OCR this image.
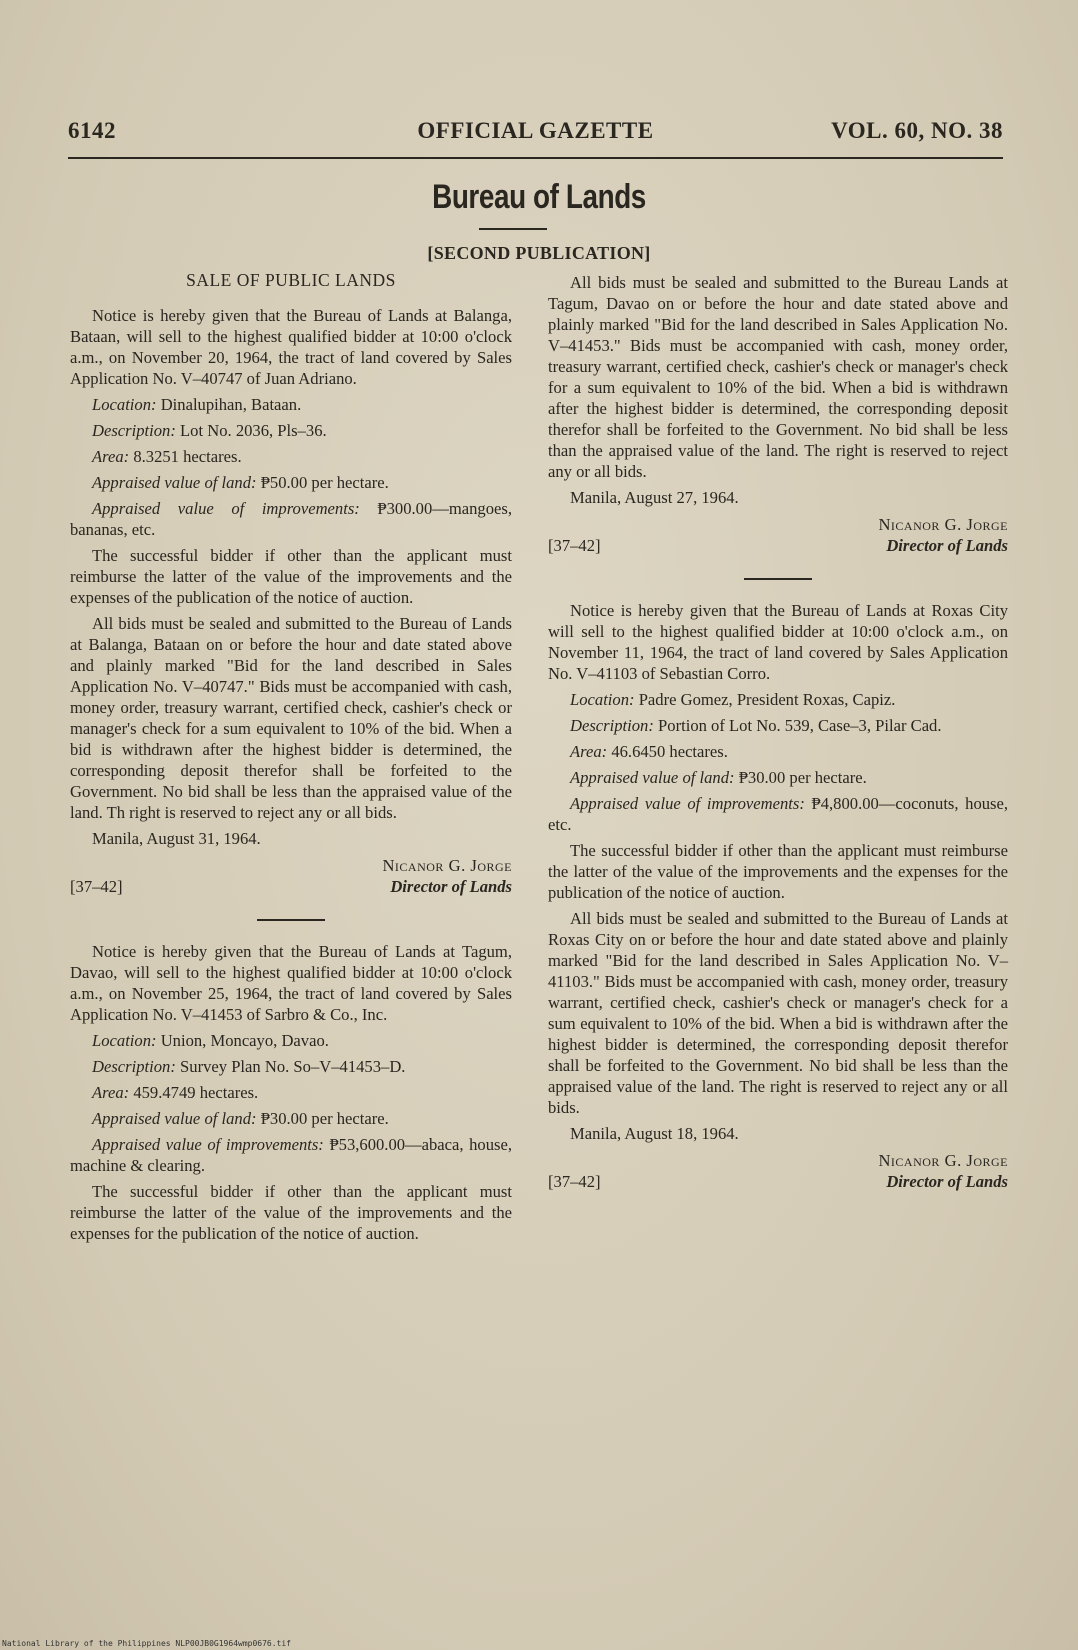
6142	OFFICIAL GAZETTE	VOL. 60, NO. 38
Bureau of Lands
[SECOND PUBLICATION]

SALE OF PUBLIC LANDS

Notice is hereby given that the Bureau of Lands at Balanga, Bataan, will sell to the highest qualified bidder at 10:00 o'clock a.m., on November 20, 1964, the tract of land covered by Sales Application No. V–40747 of Juan Adriano.

Location: Dinalupihan, Bataan.

Description: Lot No. 2036, Pls–36.

Area: 8.3251 hectares.

Appraised value of land: ₱50.00 per hectare.

Appraised value of improvements: ₱300.00—mangoes, bananas, etc.

The successful bidder if other than the applicant must reimburse the latter of the value of the improvements and the expenses of the publication of the notice of auction.

All bids must be sealed and submitted to the Bureau of Lands at Balanga, Bataan on or before the hour and date stated above and plainly marked "Bid for the land described in Sales Application No. V–40747." Bids must be accompanied with cash, money order, treasury warrant, certified check, cashier's check or manager's check for a sum equivalent to 10% of the bid. When a bid is withdrawn after the highest bidder is determined, the corresponding deposit therefor shall be forfeited to the Government. No bid shall be less than the appraised value of the land. Th right is reserved to reject any or all bids.

Manila, August 31, 1964.

[37–42]
Nicanor G. Jorge
Director of Lands

Notice is hereby given that the Bureau of Lands at Tagum, Davao, will sell to the highest qualified bidder at 10:00 o'clock a.m., on November 25, 1964, the tract of land covered by Sales Application No. V–41453 of Sarbro & Co., Inc.

Location: Union, Moncayo, Davao.

Description: Survey Plan No. So–V–41453–D.

Area: 459.4749 hectares.

Appraised value of land: ₱30.00 per hectare.

Appraised value of improvements: ₱53,600.00—abaca, house, machine & clearing.

The successful bidder if other than the applicant must reimburse the latter of the value of the improvements and the expenses for the publication of the notice of auction.

All bids must be sealed and submitted to the Bureau Lands at Tagum, Davao on or before the hour and date stated above and plainly marked "Bid for the land described in Sales Application No. V–41453." Bids must be accompanied with cash, money order, treasury warrant, certified check, cashier's check or manager's check for a sum equivalent to 10% of the bid. When a bid is withdrawn after the highest bidder is determined, the corresponding deposit therefor shall be forfeited to the Government. No bid shall be less than the appraised value of the land. The right is reserved to reject any or all bids.

Manila, August 27, 1964.

[37–42]
Nicanor G. Jorge
Director of Lands

Notice is hereby given that the Bureau of Lands at Roxas City will sell to the highest qualified bidder at 10:00 o'clock a.m., on November 11, 1964, the tract of land covered by Sales Application No. V–41103 of Sebastian Corro.

Location: Padre Gomez, President Roxas, Capiz.

Description: Portion of Lot No. 539, Case–3, Pilar Cad.

Area: 46.6450 hectares.

Appraised value of land: ₱30.00 per hectare.

Appraised value of improvements: ₱4,800.00—coconuts, house, etc.

The successful bidder if other than the applicant must reimburse the latter of the value of the improvements and the expenses for the publication of the notice of auction.

All bids must be sealed and submitted to the Bureau of Lands at Roxas City on or before the hour and date stated above and plainly marked "Bid for the land described in Sales Application No. V–41103." Bids must be accompanied with cash, money order, treasury warrant, certified check, cashier's check or manager's check for a sum equivalent to 10% of the bid. When a bid is withdrawn after the highest bidder is determined, the corresponding deposit therefor shall be forfeited to the Government. No bid shall be less than the appraised value of the land. The right is reserved to reject any or all bids.

Manila, August 18, 1964.

[37–42]
Nicanor G. Jorge
Director of Lands
National Library of the Philippines NLP00JB0G1964wmp0676.tif
